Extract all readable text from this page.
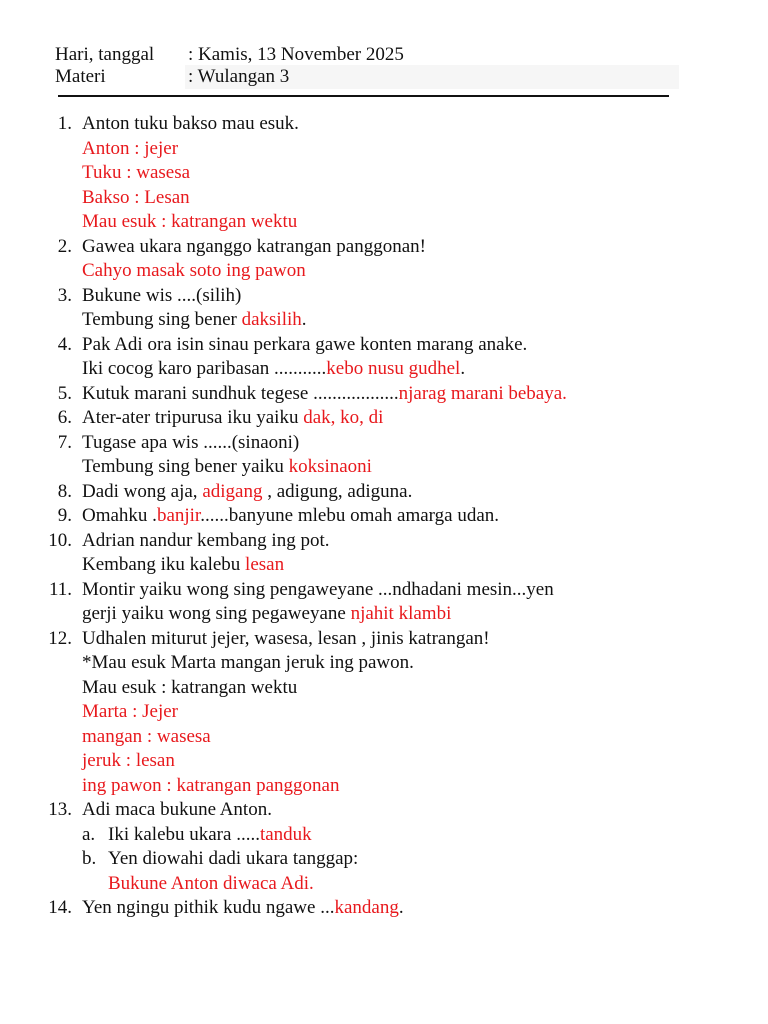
Hari, tanggal : Kamis, 13 November 2025
Materi	: Wulangan 3
1. Anton tuku bakso mau esuk.
Anton : jejer
Tuku : wasesa
Bakso : Lesan
Mau esuk : katrangan wektu
2. Gawea ukara nganggo katrangan panggonan!
Cahyo masak soto ing pawon
3. Bukune wis ....(silih)
Tembung sing bener daksilih.
4. Pak Adi ora isin sinau perkara gawe konten marang anake.
Iki cocog karo paribasan ...........kebo nusu gudhel.
5. Kutuk marani sundhuk tegese ..................njarag marani bebaya.
6. Ater-ater tripurusa iku yaiku dak, ko, di
7. Tugase apa wis ......(sinaoni)
Tembung sing bener yaiku koksinaoni
8. Dadi wong aja, adigang , adigung, adiguna.
9. Omahku .banjir......banyune mlebu omah amarga udan.
10. Adrian nandur kembang ing pot.
Kembang iku kalebu lesan
11. Montir yaiku wong sing pengaweyane ...ndhadani mesin...yen
gerji yaiku wong sing pegaweyane njahit klambi
12. Udhalen miturut jejer, wasesa, lesan , jinis katrangan!
*Mau esuk Marta mangan jeruk ing pawon.
Mau esuk : katrangan wektu
Marta : Jejer
mangan : wasesa
jeruk : lesan
ing pawon : katrangan panggonan
13. Adi maca bukune Anton.
a. Iki kalebu ukara .....tanduk
b. Yen diowahi dadi ukara tanggap:
Bukune Anton diwaca Adi.
14. Yen ngingu pithik kudu ngawe ...kandang.
